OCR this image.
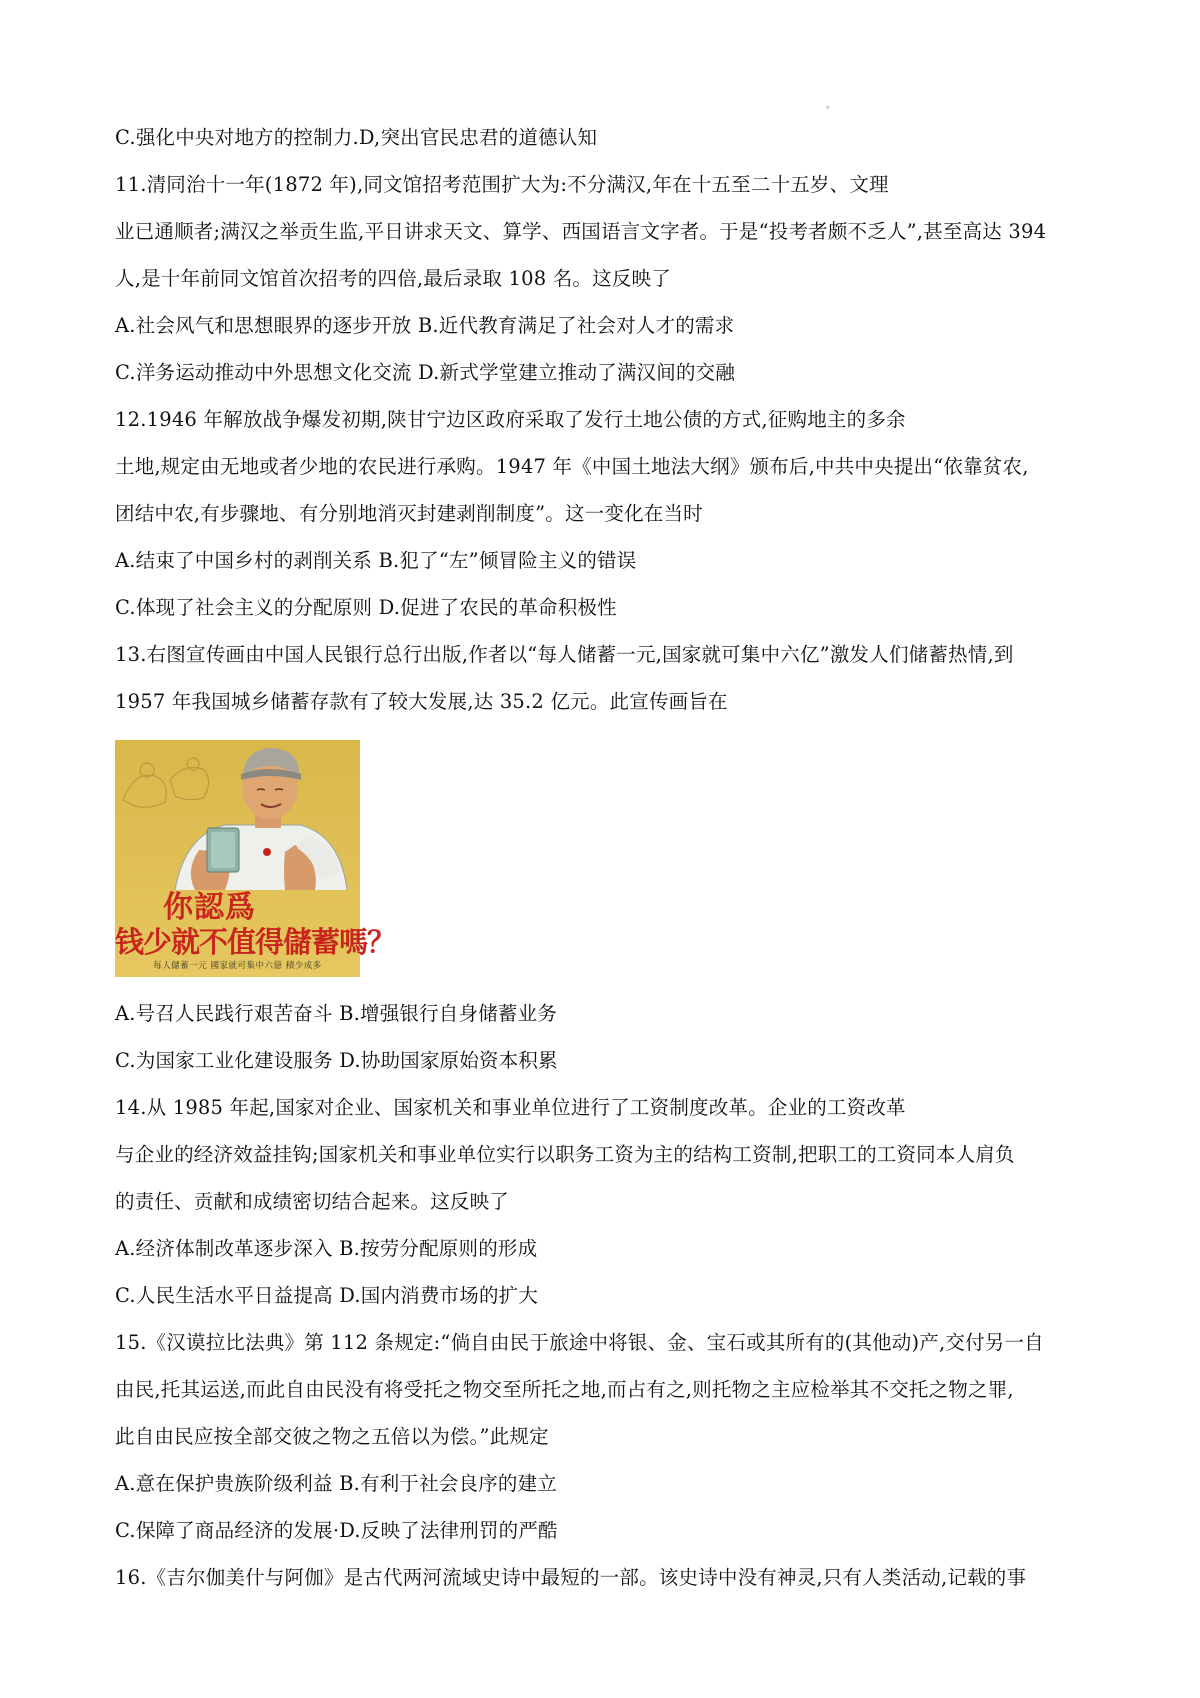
。
C.强化中央对地方的控制力.D,突出官民忠君的道德认知
11.清同治十一年(1872 年),同文馆招考范围扩大为:不分满汉,年在十五至二十五岁、文理
业已通顺者;满汉之举贡生监,平日讲求天文、算学、西国语言文字者。于是“投考者颇不乏人”,甚至高达 394
人,是十年前同文馆首次招考的四倍,最后录取 108 名。这反映了
A.社会风气和思想眼界的逐步开放 B.近代教育满足了社会对人才的需求
C.洋务运动推动中外思想文化交流 D.新式学堂建立推动了满汉间的交融
12.1946 年解放战争爆发初期,陕甘宁边区政府采取了发行土地公债的方式,征购地主的多余
土地,规定由无地或者少地的农民进行承购。1947 年《中国土地法大纲》颁布后,中共中央提出“依靠贫农,
团结中农,有步骤地、有分别地消灭封建剥削制度”。这一变化在当时
A.结束了中国乡村的剥削关系 B.犯了“左”倾冒险主义的错误
C.体现了社会主义的分配原则 D.促进了农民的革命积极性
13.右图宣传画由中国人民银行总行出版,作者以“每人储蓄一元,国家就可集中六亿”激发人们储蓄热情,到
1957 年我国城乡储蓄存款有了较大发展,达 35.2 亿元。此宣传画旨在
你認爲
钱少就不值得儲蓄嗎？
每人儲蓄一元 國家就可集中六億 積少成多
A.号召人民践行艰苦奋斗 B.增强银行自身储蓄业务
C.为国家工业化建设服务 D.协助国家原始资本积累
14.从 1985 年起,国家对企业、国家机关和事业单位进行了工资制度改革。企业的工资改革
与企业的经济效益挂钩;国家机关和事业单位实行以职务工资为主的结构工资制,把职工的工资同本人肩负
的责任、贡献和成绩密切结合起来。这反映了
A.经济体制改革逐步深入 B.按劳分配原则的形成
C.人民生活水平日益提高 D.国内消费市场的扩大
15.《汉谟拉比法典》第 112 条规定:“倘自由民于旅途中将银、金、宝石或其所有的(其他动)产,交付另一自
由民,托其运送,而此自由民没有将受托之物交至所托之地,而占有之,则托物之主应检举其不交托之物之罪,
此自由民应按全部交彼之物之五倍以为偿。”此规定
A.意在保护贵族阶级利益 B.有利于社会良序的建立
C.保障了商品经济的发展·D.反映了法律刑罚的严酷
16.《吉尔伽美什与阿伽》是古代两河流域史诗中最短的一部。该史诗中没有神灵,只有人类活动,记载的事
